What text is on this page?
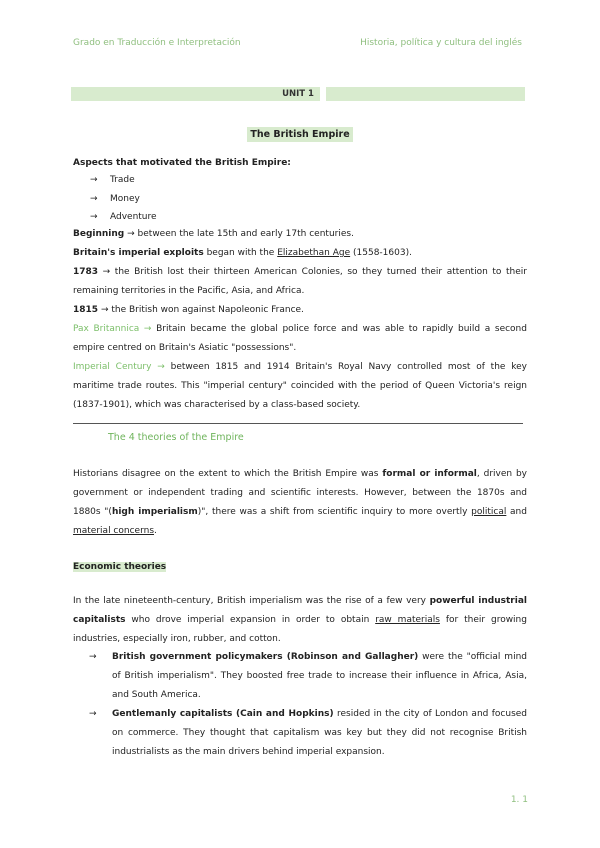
Grado en Traducción e Interpretación	Historia, política y cultura del inglés
UNIT 1
The British Empire
Aspects that motivated the British Empire:
→ Trade
→ Money
→ Adventure
Beginning → between the late 15th and early 17th centuries.
Britain's imperial exploits began with the Elizabethan Age (1558-1603).
1783 → the British lost their thirteen American Colonies, so they turned their attention to their remaining territories in the Pacific, Asia, and Africa.
1815 → the British won against Napoleonic France.
Pax Britannica → Britain became the global police force and was able to rapidly build a second empire centred on Britain's Asiatic "possessions".
Imperial Century → between 1815 and 1914 Britain's Royal Navy controlled most of the key maritime trade routes. This "imperial century" coincided with the period of Queen Victoria's reign (1837-1901), which was characterised by a class-based society.
The 4 theories of the Empire
Historians disagree on the extent to which the British Empire was formal or informal, driven by government or independent trading and scientific interests. However, between the 1870s and 1880s "(high imperialism)", there was a shift from scientific inquiry to more overtly political and material concerns.
Economic theories
In the late nineteenth-century, British imperialism was the rise of a few very powerful industrial capitalists who drove imperial expansion in order to obtain raw materials for their growing industries, especially iron, rubber, and cotton.
→ British government policymakers (Robinson and Gallagher) were the "official mind of British imperialism". They boosted free trade to increase their influence in Africa, Asia, and South America.
→ Gentlemanly capitalists (Cain and Hopkins) resided in the city of London and focused on commerce. They thought that capitalism was key but they did not recognise British industrialists as the main drivers behind imperial expansion.
1. 1
